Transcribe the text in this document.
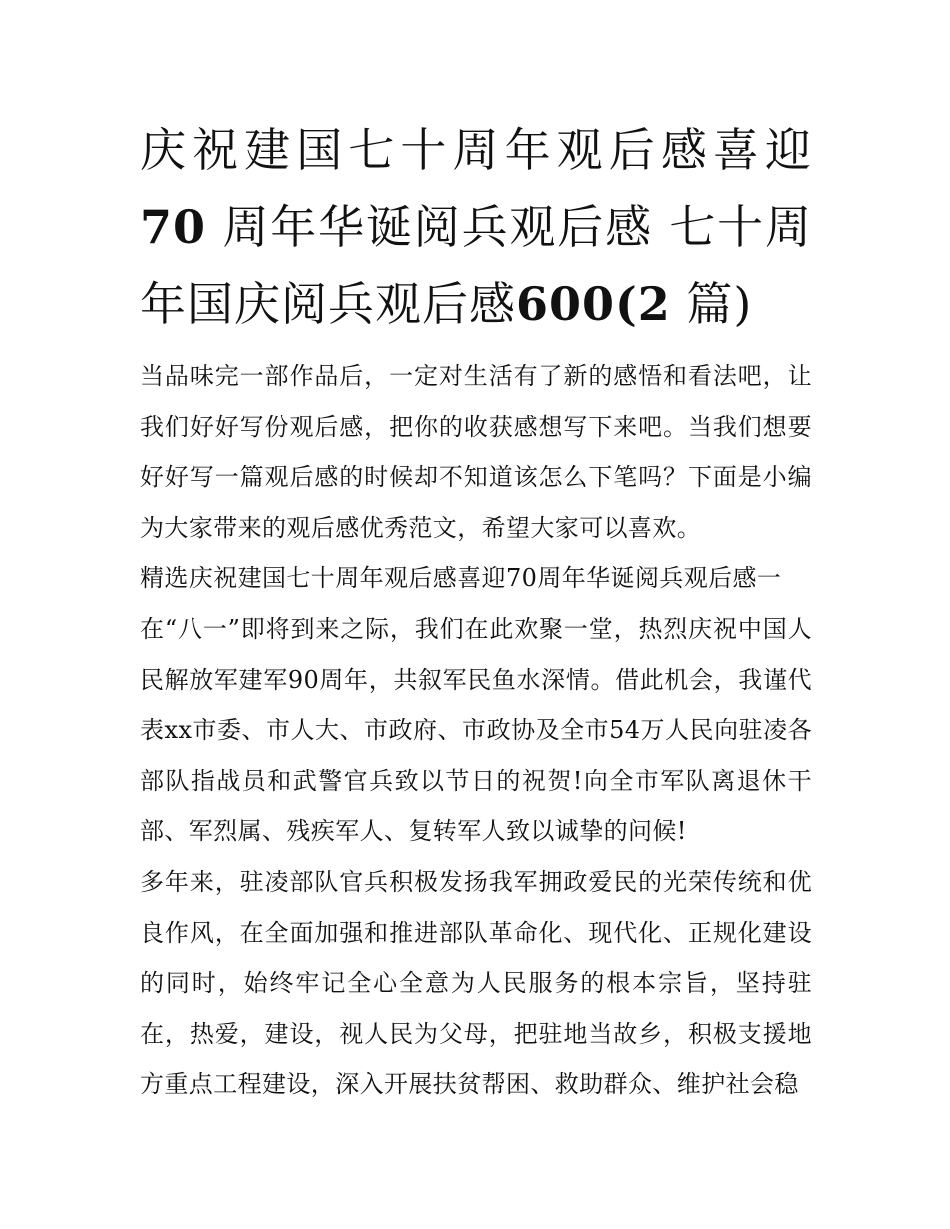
庆祝建国七十周年观后感喜迎70 周年华诞阅兵观后感 七十周年国庆阅兵观后感600(2 篇)

当品味完一部作品后，一定对生活有了新的感悟和看法吧，让我们好好写份观后感，把你的收获感想写下来吧。当我们想要好好写一篇观后感的时候却不知道该怎么下笔吗？下面是小编为大家带来的观后感优秀范文，希望大家可以喜欢。

精选庆祝建国七十周年观后感喜迎70周年华诞阅兵观后感一

在“八一”即将到来之际，我们在此欢聚一堂，热烈庆祝中国人民解放军建军90周年，共叙军民鱼水深情。借此机会，我谨代表xx市委、市人大、市政府、市政协及全市54万人民向驻凌各部队指战员和武警官兵致以节日的祝贺!向全市军队离退休干部、军烈属、残疾军人、复转军人致以诚挚的问候!

多年来，驻凌部队官兵积极发扬我军拥政爱民的光荣传统和优良作风，在全面加强和推进部队革命化、现代化、正规化建设的同时，始终牢记全心全意为人民服务的根本宗旨，坚持驻在，热爱，建设，视人民为父母，把驻地当故乡，积极支援地方重点工程建设，深入开展扶贫帮困、救助群众、维护社会稳
